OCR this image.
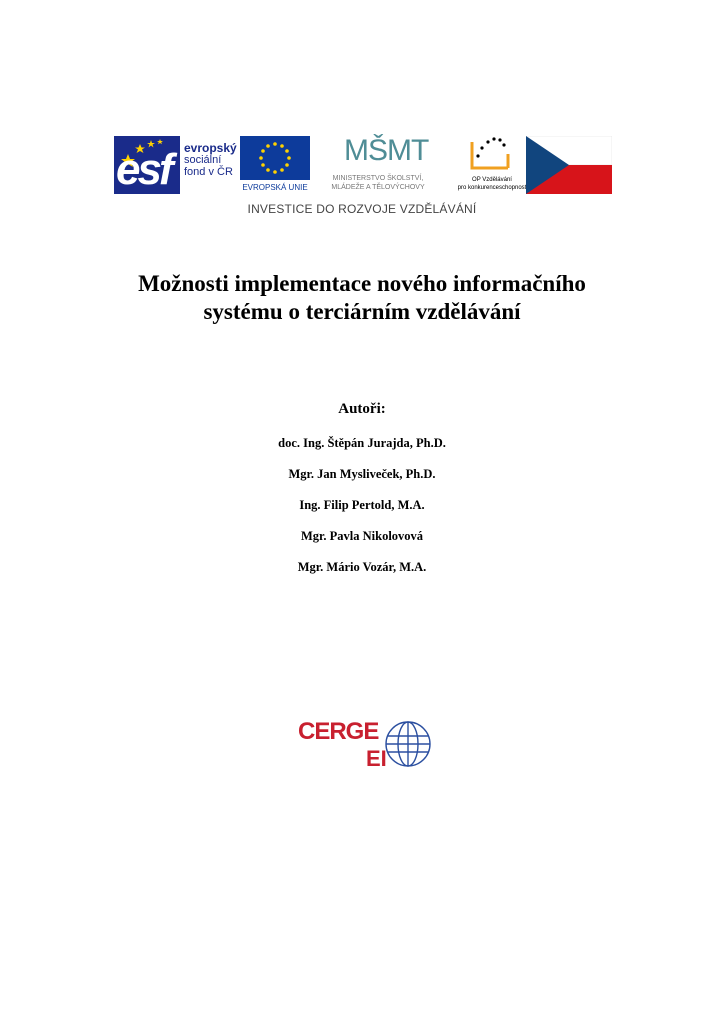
esf evropský
sociální
fond v ČR
EVROPSKÁ UNIE
MŠMT
MINISTERSTVO ŠKOLSTVÍ,
MLÁDEŽE A TĚLOVÝCHOVY
OP Vzdělávání
pro konkurenceschopnost
INVESTICE DO ROZVOJE VZDĚLÁVÁNÍ
Možnosti implementace nového informačního
systému o terciárním vzdělávání
Autoři:
doc. Ing. Štěpán Jurajda, Ph.D.
Mgr. Jan Mysliveček, Ph.D.
Ing. Filip Pertold, M.A.
Mgr. Pavla Nikolovová
Mgr. Mário Vozár, M.A.
CERGE
EI
